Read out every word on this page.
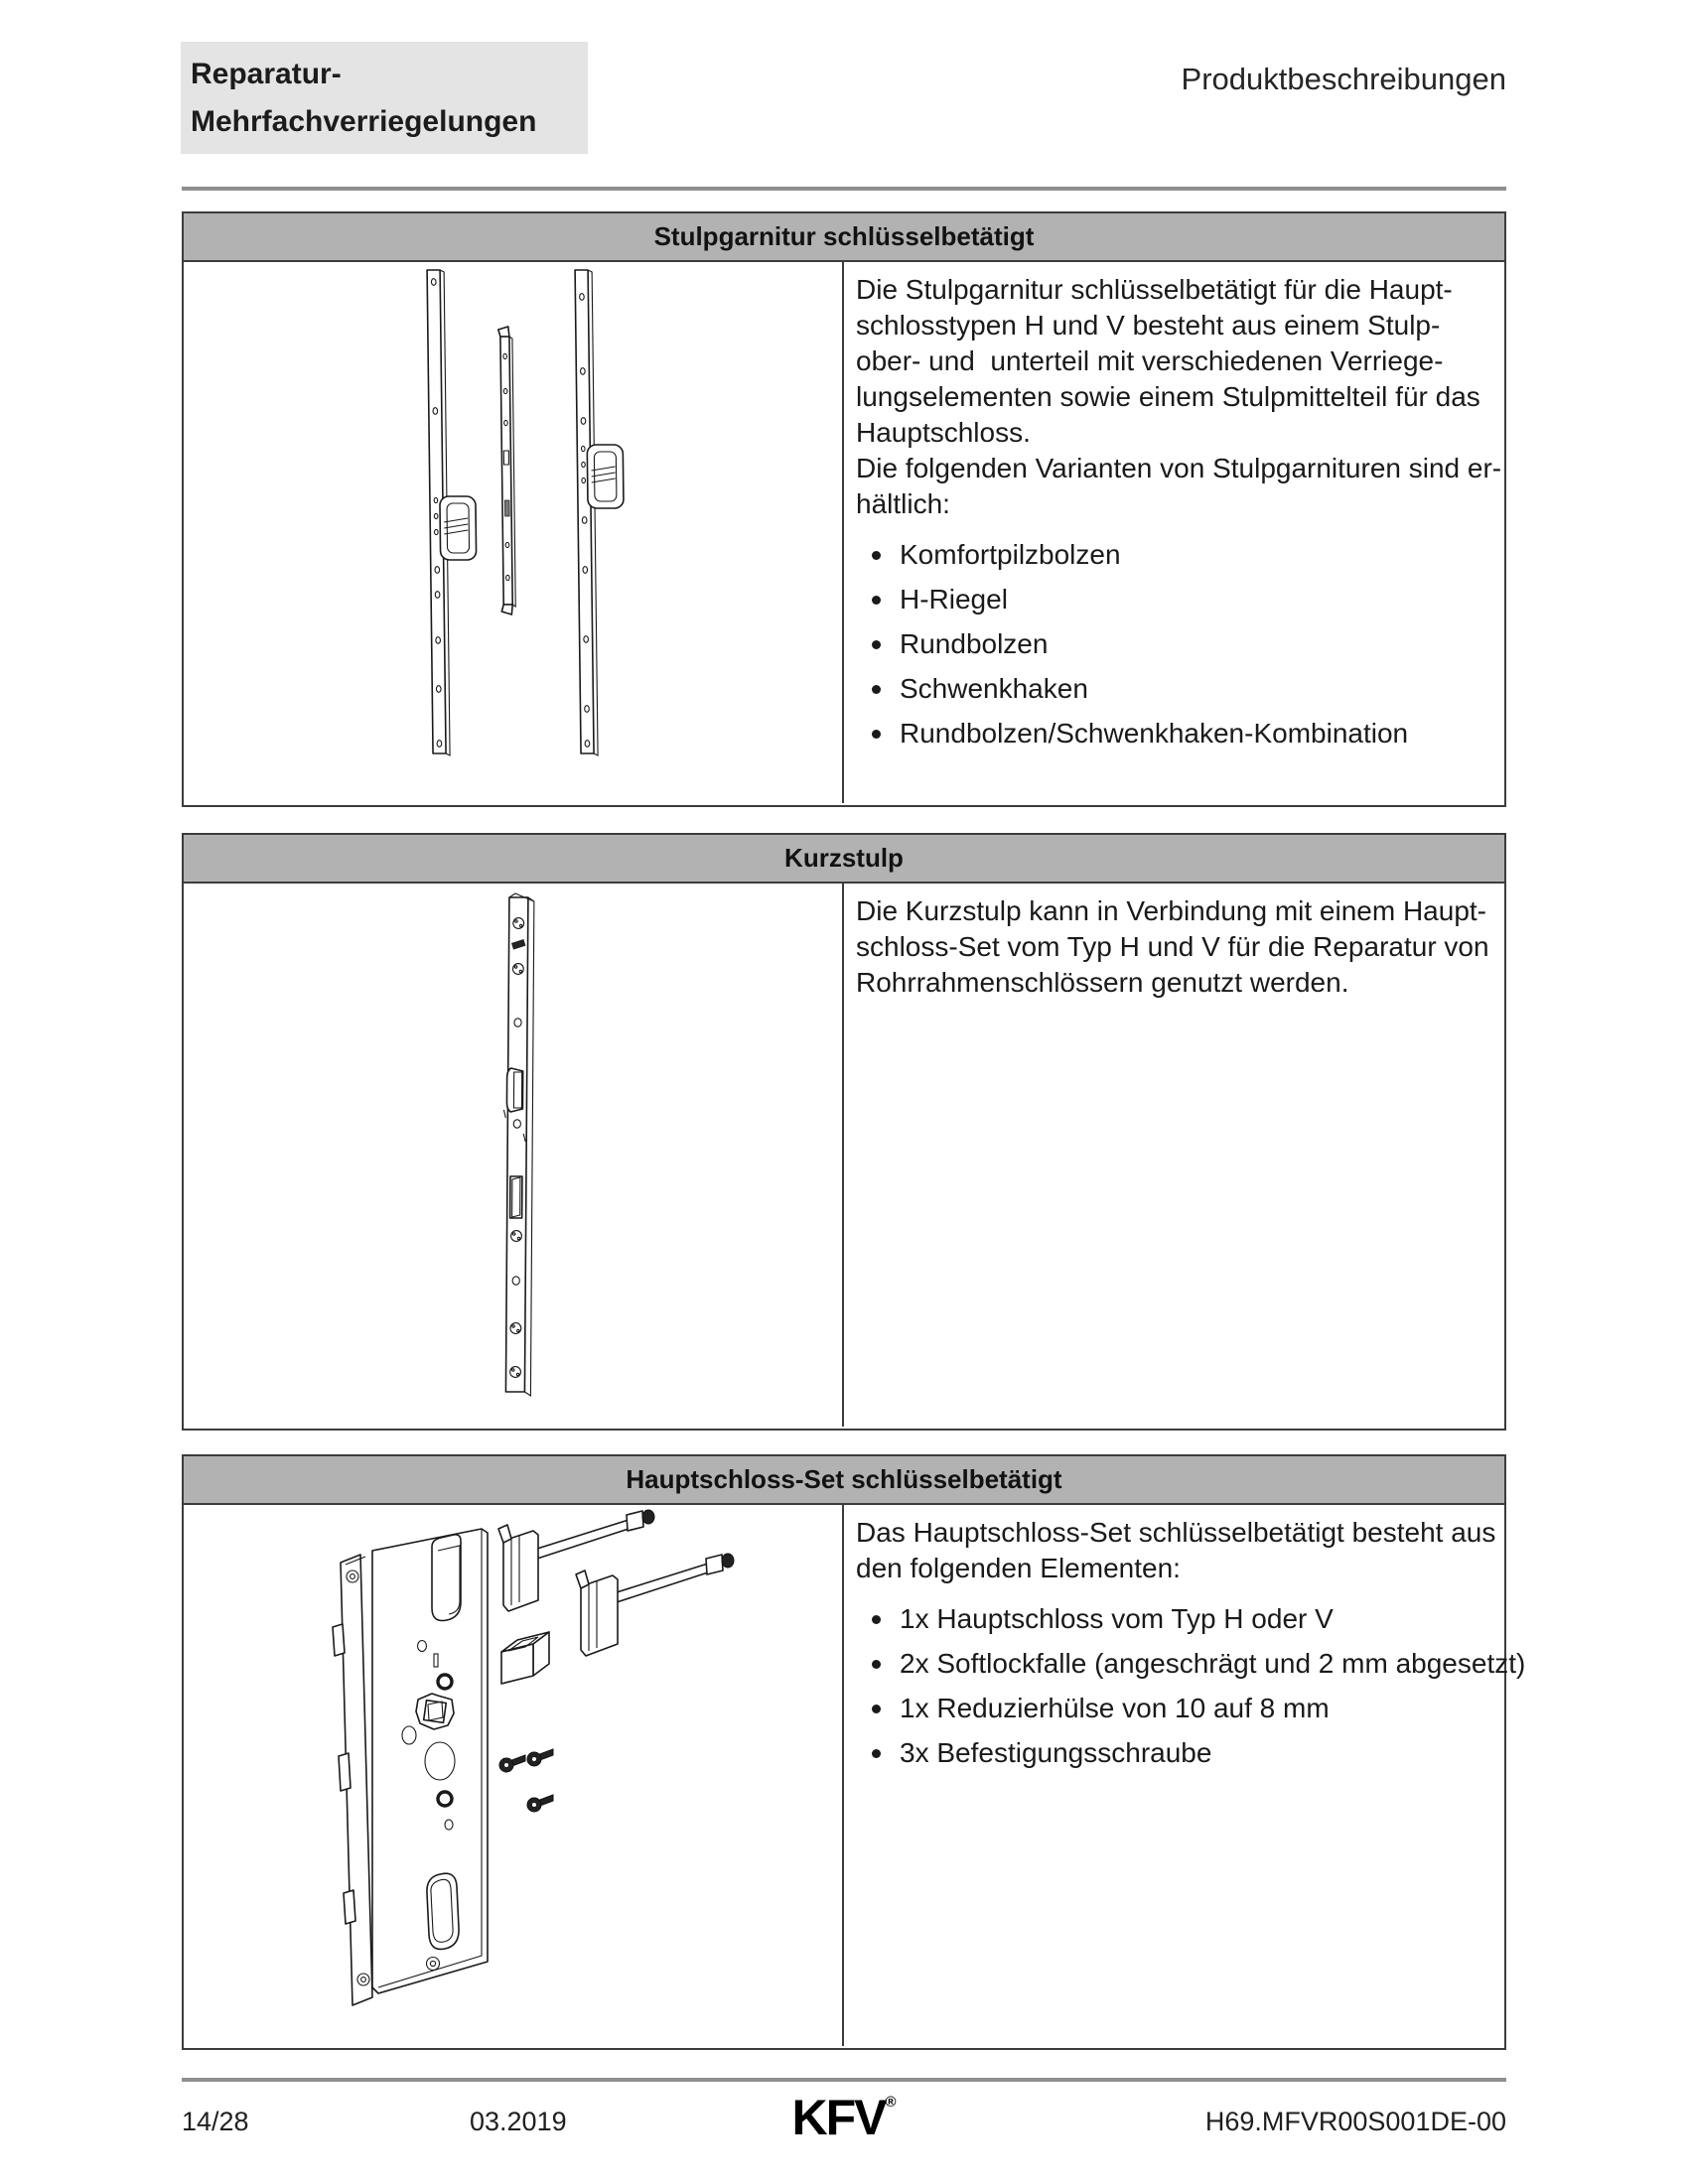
Reparatur-
Mehrfachverriegelungen
Produktbeschreibungen
Stulpgarnitur schlüsselbetätigt
Die Stulpgarnitur schlüsselbetätigt für die Haupt-
schlosstypen H und V besteht aus einem Stulp-
ober- und  unterteil mit verschiedenen Verriege-
lungselementen sowie einem Stulpmittelteil für das
Hauptschloss.
Die folgenden Varianten von Stulpgarnituren sind er-
hältlich:
Komfortpilzbolzen
H-Riegel
Rundbolzen
Schwenkhaken
Rundbolzen/Schwenkhaken-Kombination
Kurzstulp
Die Kurzstulp kann in Verbindung mit einem Haupt-
schloss-Set vom Typ H und V für die Reparatur von
Rohrrahmenschlössern genutzt werden.
Hauptschloss-Set schlüsselbetätigt
Das Hauptschloss-Set schlüsselbetätigt besteht aus
den folgenden Elementen:
1x Hauptschloss vom Typ H oder V
2x Softlockfalle (angeschrägt und 2 mm abgesetzt)
1x Reduzierhülse von 10 auf 8 mm
3x Befestigungsschraube
14/28	03.2019	KFV®
H69.MFVR00S001DE-00
